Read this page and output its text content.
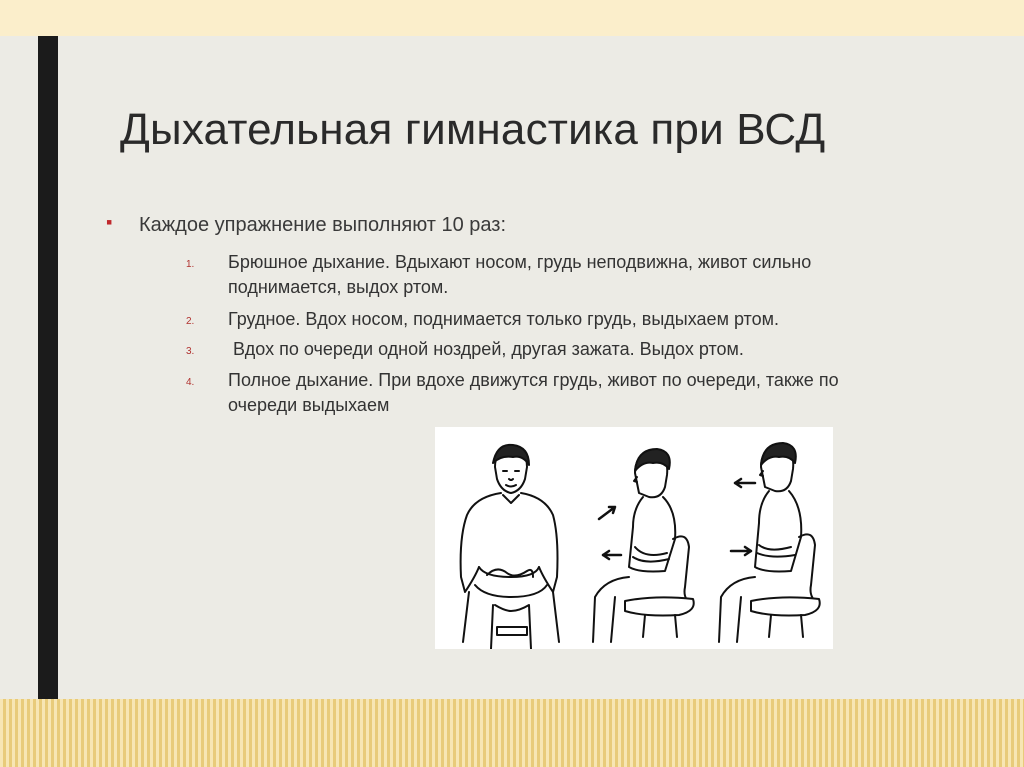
Дыхательная гимнастика при ВСД
▪ Каждое упражнение выполняют 10 раз:
1. Брюшное дыхание. Вдыхают носом, грудь неподвижна, живот сильно поднимается, выдох ртом.
2. Грудное. Вдох носом, поднимается только грудь, выдыхаем ртом.
3. Вдох по очереди одной ноздрей, другая зажата. Выдох ртом.
4. Полное дыхание. При вдохе движутся грудь, живот по очереди, также по очереди выдыхаем
